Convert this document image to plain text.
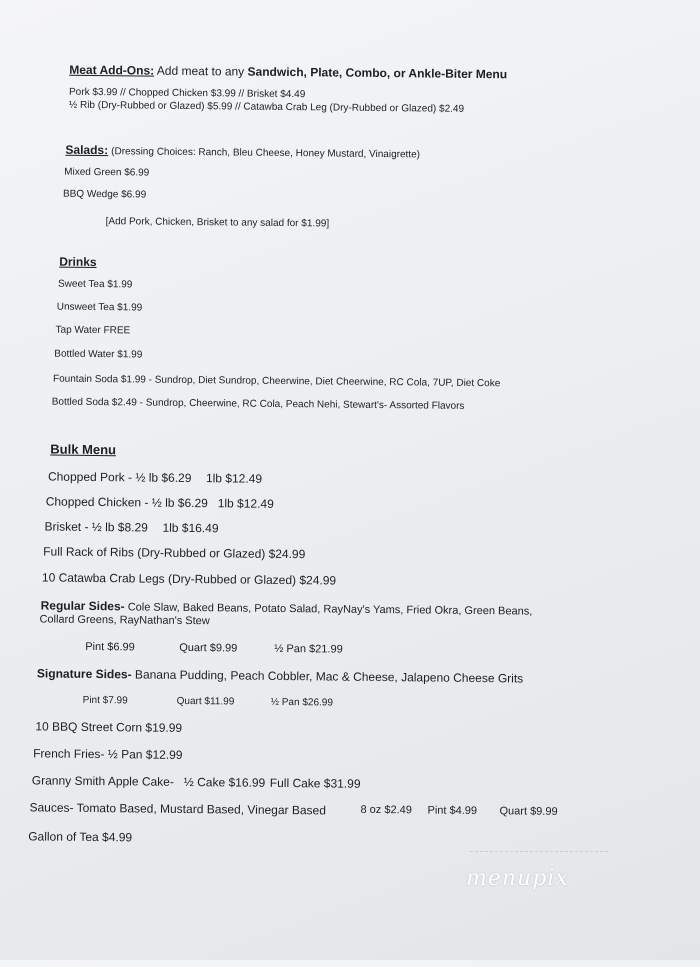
Meat Add-Ons: Add meat to any Sandwich, Plate, Combo, or Ankle-Biter Menu
Pork $3.99 // Chopped Chicken $3.99 // Brisket $4.49
½ Rib (Dry-Rubbed or Glazed) $5.99 // Catawba Crab Leg (Dry-Rubbed or Glazed) $2.49
Salads: (Dressing Choices: Ranch, Bleu Cheese, Honey Mustard, Vinaigrette)
Mixed Green $6.99
BBQ Wedge $6.99
[Add Pork, Chicken, Brisket to any salad for $1.99]
Drinks
Sweet Tea $1.99
Unsweet Tea $1.99
Tap Water FREE
Bottled Water $1.99
Fountain Soda $1.99 - Sundrop, Diet Sundrop, Cheerwine, Diet Cheerwine, RC Cola, 7UP, Diet Coke
Bottled Soda $2.49 - Sundrop, Cheerwine, RC Cola, Peach Nehi, Stewart's- Assorted Flavors
Bulk Menu
Chopped Pork - ½ lb $6.29 1lb $12.49
Chopped Chicken - ½ lb $6.29 1lb $12.49
Brisket - ½ lb $8.29 1lb $16.49
Full Rack of Ribs (Dry-Rubbed or Glazed) $24.99
10 Catawba Crab Legs (Dry-Rubbed or Glazed) $24.99
Regular Sides- Cole Slaw, Baked Beans, Potato Salad, RayNay's Yams, Fried Okra, Green Beans,
Collard Greens, RayNathan's Stew
Pint $6.99	Quart $9.99	½ Pan $21.99
Signature Sides- Banana Pudding, Peach Cobbler, Mac & Cheese, Jalapeno Cheese Grits
Pint $7.99	Quart $11.99	½ Pan $26.99
10 BBQ Street Corn $19.99
French Fries- ½ Pan $12.99
Granny Smith Apple Cake- ½ Cake $16.99 Full Cake $31.99
Sauces- Tomato Based, Mustard Based, Vinegar Based	8 oz $2.49 Pint $4.99 Quart $9.99
Gallon of Tea $4.99
menupix
